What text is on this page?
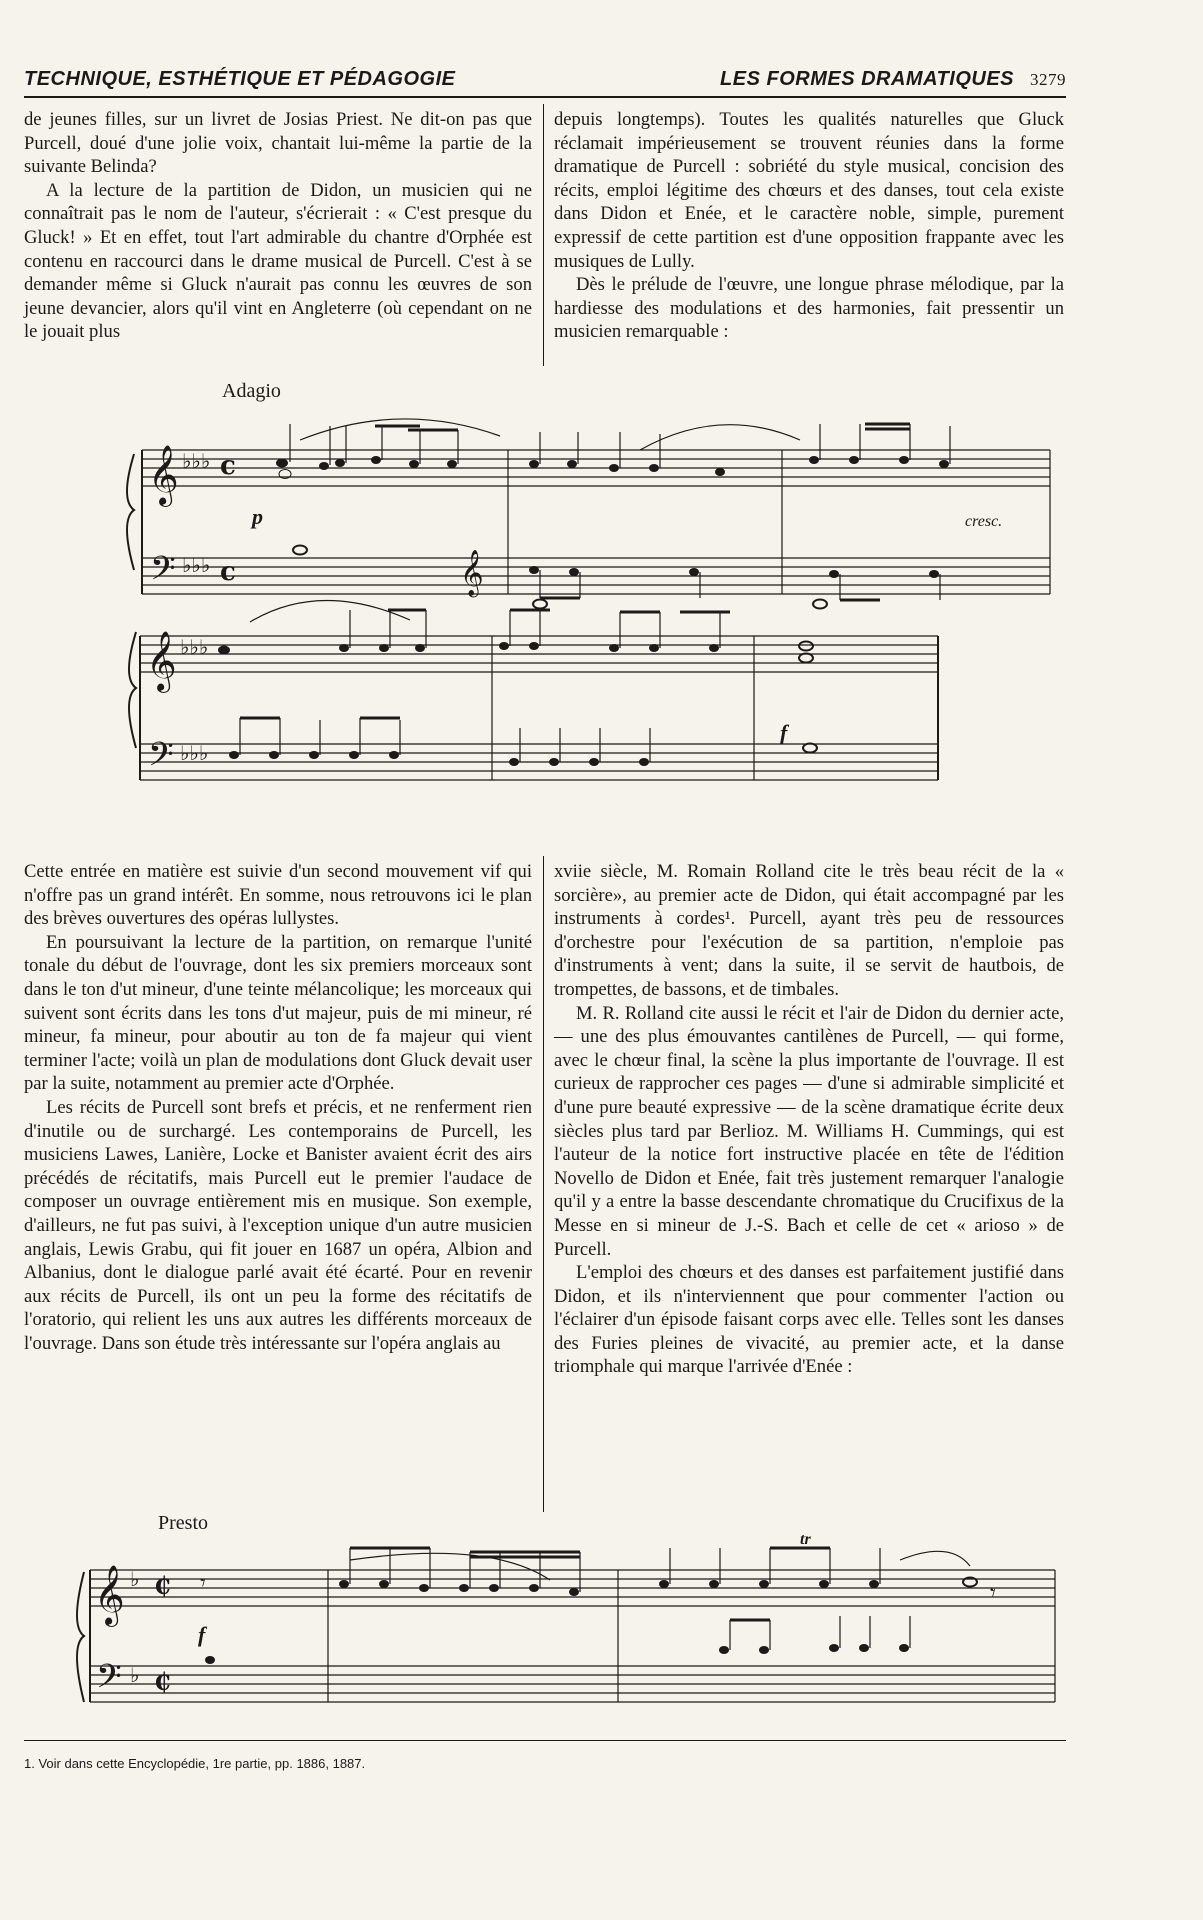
TECHNIQUE, ESTHÉTIQUE ET PÉDAGOGIE	LES FORMES DRAMATIQUES 3279

de jeunes filles, sur un livret de Josias Priest. Ne dit-on pas que Purcell, doué d'une jolie voix, chantait lui-même la partie de la suivante Belinda?

A la lecture de la partition de Didon, un musicien qui ne connaîtrait pas le nom de l'auteur, s'écrierait : « C'est presque du Gluck! » Et en effet, tout l'art admirable du chantre d'Orphée est contenu en raccourci dans le drame musical de Purcell. C'est à se demander même si Gluck n'aurait pas connu les œuvres de son jeune devancier, alors qu'il vint en Angleterre (où cependant on ne le jouait plus

depuis longtemps). Toutes les qualités naturelles que Gluck réclamait impérieusement se trouvent réunies dans la forme dramatique de Purcell : sobriété du style musical, concision des récits, emploi légitime des chœurs et des danses, tout cela existe dans Didon et Enée, et le caractère noble, simple, purement expressif de cette partition est d'une opposition frappante avec les musiques de Lully.

Dès le prélude de l'œuvre, une longue phrase mélodique, par la hardiesse des modulations et des harmonies, fait pressentir un musicien remarquable :

Adagio
𝄞
𝄢
♭♭♭
♭♭♭
c
c	𝄞
𝄞
𝄢
♭♭♭
♭♭♭
p	cresc.
f

Cette entrée en matière est suivie d'un second mouvement vif qui n'offre pas un grand intérêt. En somme, nous retrouvons ici le plan des brèves ouvertures des opéras lullystes.

En poursuivant la lecture de la partition, on remarque l'unité tonale du début de l'ouvrage, dont les six premiers morceaux sont dans le ton d'ut mineur, d'une teinte mélancolique; les morceaux qui suivent sont écrits dans les tons d'ut majeur, puis de mi mineur, ré mineur, fa mineur, pour aboutir au ton de fa majeur qui vient terminer l'acte; voilà un plan de modulations dont Gluck devait user par la suite, notamment au premier acte d'Orphée.

Les récits de Purcell sont brefs et précis, et ne renferment rien d'inutile ou de surchargé. Les contemporains de Purcell, les musiciens Lawes, Lanière, Locke et Banister avaient écrit des airs précédés de récitatifs, mais Purcell eut le premier l'audace de composer un ouvrage entièrement mis en musique. Son exemple, d'ailleurs, ne fut pas suivi, à l'exception unique d'un autre musicien anglais, Lewis Grabu, qui fit jouer en 1687 un opéra, Albion and Albanius, dont le dialogue parlé avait été écarté. Pour en revenir aux récits de Purcell, ils ont un peu la forme des récitatifs de l'oratorio, qui relient les uns aux autres les différents morceaux de l'ouvrage. Dans son étude très intéressante sur l'opéra anglais au

xviie siècle, M. Romain Rolland cite le très beau récit de la « sorcière», au premier acte de Didon, qui était accompagné par les instruments à cordes¹. Purcell, ayant très peu de ressources d'orchestre pour l'exécution de sa partition, n'emploie pas d'instruments à vent; dans la suite, il se servit de hautbois, de trompettes, de bassons, et de timbales.

M. R. Rolland cite aussi le récit et l'air de Didon du dernier acte, — une des plus émouvantes cantilènes de Purcell, — qui forme, avec le chœur final, la scène la plus importante de l'ouvrage. Il est curieux de rapprocher ces pages — d'une si admirable simplicité et d'une pure beauté expressive — de la scène dramatique écrite deux siècles plus tard par Berlioz. M. Williams H. Cummings, qui est l'auteur de la notice fort instructive placée en tête de l'édition Novello de Didon et Enée, fait très justement remarquer l'analogie qu'il y a entre la basse descendante chromatique du Crucifixus de la Messe en si mineur de J.-S. Bach et celle de cet « arioso » de Purcell.

L'emploi des chœurs et des danses est parfaitement justifié dans Didon, et ils n'interviennent que pour commenter l'action ou l'éclairer d'un épisode faisant corps avec elle. Telles sont les danses des Furies pleines de vivacité, au premier acte, et la danse triomphale qui marque l'arrivée d'Enée :

Presto
𝄞
𝄢
♭
♭
₵
₵
𝄾	𝄾
f
tr
1. Voir dans cette Encyclopédie, 1re partie, pp. 1886, 1887.
